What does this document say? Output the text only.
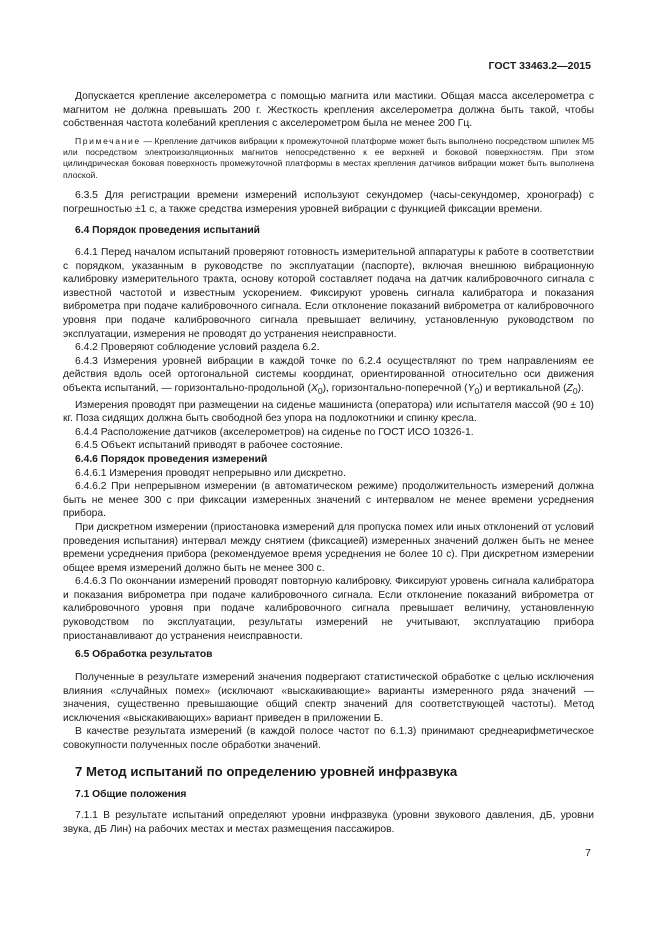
ГОСТ 33463.2—2015

Допускается крепление акселерометра с помощью магнита или мастики. Общая масса акселерометра с магнитом не должна превышать 200 г. Жесткость крепления акселерометра должна быть такой, чтобы собственная частота колебаний крепления с акселерометром была не менее 200 Гц.

Примечание — Крепление датчиков вибрации к промежуточной платформе может быть выполнено посредством шпилек М5 или посредством электроизоляционных магнитов непосредственно к ее верхней и боковой поверхностям. При этом цилиндрическая боковая поверхность промежуточной платформы в местах крепления датчиков вибрации может быть выполнена плоской.

6.3.5 Для регистрации времени измерений используют секундомер (часы-секундомер, хронограф) с погрешностью ±1 с, а также средства измерения уровней вибрации с функцией фиксации времени.

6.4 Порядок проведения испытаний

6.4.1 Перед началом испытаний проверяют готовность измерительной аппаратуры к работе в соответствии с порядком, указанным в руководстве по эксплуатации (паспорте), включая внешнюю вибрационную калибровку измерительного тракта, основу которой составляет подача на датчик калибровочного сигнала с известной частотой и известным ускорением. Фиксируют уровень сигнала калибратора и показания виброметра при подаче калибровочного сигнала. Если отклонение показаний виброметра от калибровочного уровня при подаче калибровочного сигнала превышает величину, установленную руководством по эксплуатации, измерения не проводят до устранения неисправности.

6.4.2 Проверяют соблюдение условий раздела 6.2.

6.4.3 Измерения уровней вибрации в каждой точке по 6.2.4 осуществляют по трем направлениям ее действия вдоль осей ортогональной системы координат, ориентированной относительно оси движения объекта испытаний, — горизонтально-продольной $(X_0)$, горизонтально-поперечной $(Y_0)$ и вертикальной $(Z_0)$.

Измерения проводят при размещении на сиденье машиниста (оператора) или испытателя массой (90 ± 10) кг. Поза сидящих должна быть свободной без упора на подлокотники и спинку кресла.

6.4.4 Расположение датчиков (акселерометров) на сиденье по ГОСТ ИСО 10326-1.

6.4.5 Объект испытаний приводят в рабочее состояние.

6.4.6 Порядок проведения измерений

6.4.6.1 Измерения проводят непрерывно или дискретно.

6.4.6.2 При непрерывном измерении (в автоматическом режиме) продолжительность измерений должна быть не менее 300 с при фиксации измеренных значений с интервалом не менее времени усреднения прибора.

При дискретном измерении (приостановка измерений для пропуска помех или иных отклонений от условий проведения испытания) интервал между снятием (фиксацией) измеренных значений должен быть не менее времени усреднения прибора (рекомендуемое время усреднения не более 10 с). При дискретном измерении общее время измерений должно быть не менее 300 с.

6.4.6.3 По окончании измерений проводят повторную калибровку. Фиксируют уровень сигнала калибратора и показания виброметра при подаче калибровочного сигнала. Если отклонение показаний виброметра от калибровочного уровня при подаче калибровочного сигнала превышает величину, установленную руководством по эксплуатации, результаты измерений не учитывают, эксплуатацию прибора приостанавливают до устранения неисправности.

6.5 Обработка результатов

Полученные в результате измерений значения подвергают статистической обработке с целью исключения влияния «случайных помех» (исключают «выскакивающие» варианты измеренного ряда значений — значения, существенно превышающие общий спектр значений для соответствующей частоты). Метод исключения «выскакивающих» вариант приведен в приложении Б.

В качестве результата измерений (в каждой полосе частот по 6.1.3) принимают среднеарифметическое совокупности полученных после обработки значений.

7 Метод испытаний по определению уровней инфразвука

7.1 Общие положения

7.1.1 В результате испытаний определяют уровни инфразвука (уровни звукового давления, дБ, уровни звука, дБ Лин) на рабочих местах и местах размещения пассажиров.

7
